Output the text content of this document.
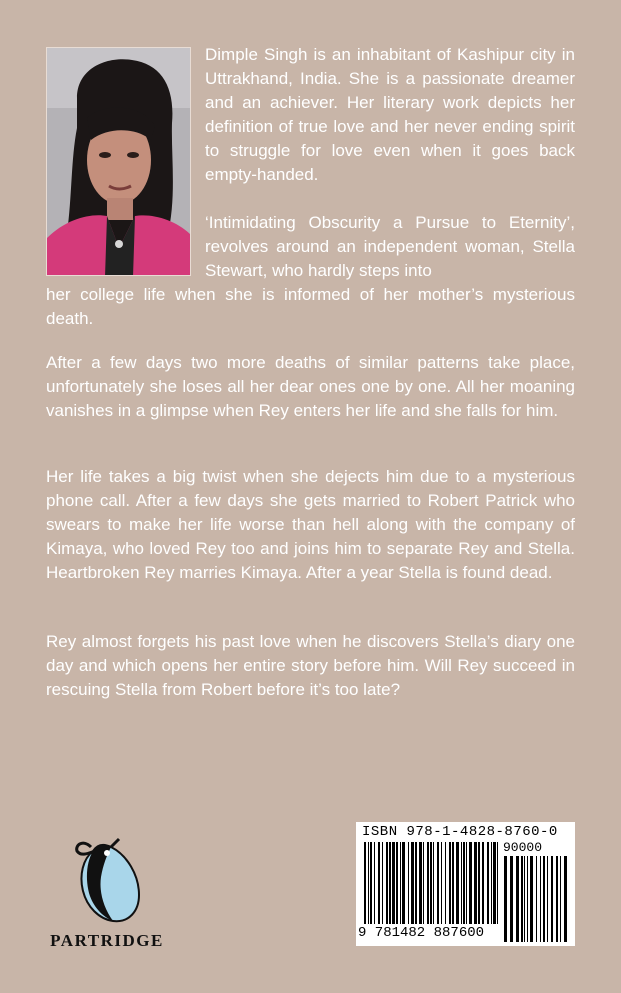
Dimple Singh is an inhabitant of Kashipur city in Uttrakhand, India. She is a passionate dreamer and an achiever. Her literary work depicts her definition of true love and her never ending spirit to struggle for love even when it goes back empty-handed.
‘Intimidating Obscurity a Pursue to Eternity’, revolves around an independent woman, Stella Stewart, who hardly steps into
her college life when she is informed of her mother’s mysterious death.
After a few days two more deaths of similar patterns take place, unfortunately she loses all her dear ones one by one. All her moaning vanishes in a glimpse when Rey enters her life and she falls for him.
Her life takes a big twist when she dejects him due to a mysterious phone call. After a few days she gets married to Robert Patrick who swears to make her life worse than hell along with the company of Kimaya, who loved Rey too and joins him to separate Rey and Stella. Heartbroken Rey marries Kimaya. After a year Stella is found dead.
Rey almost forgets his past love when he discovers Stella’s diary one day and which opens her entire story before him. Will Rey succeed in rescuing Stella from Robert before it’s too late?
PARTRIDGE
ISBN 978-1-4828-8760-0
90000
9 781482 887600
